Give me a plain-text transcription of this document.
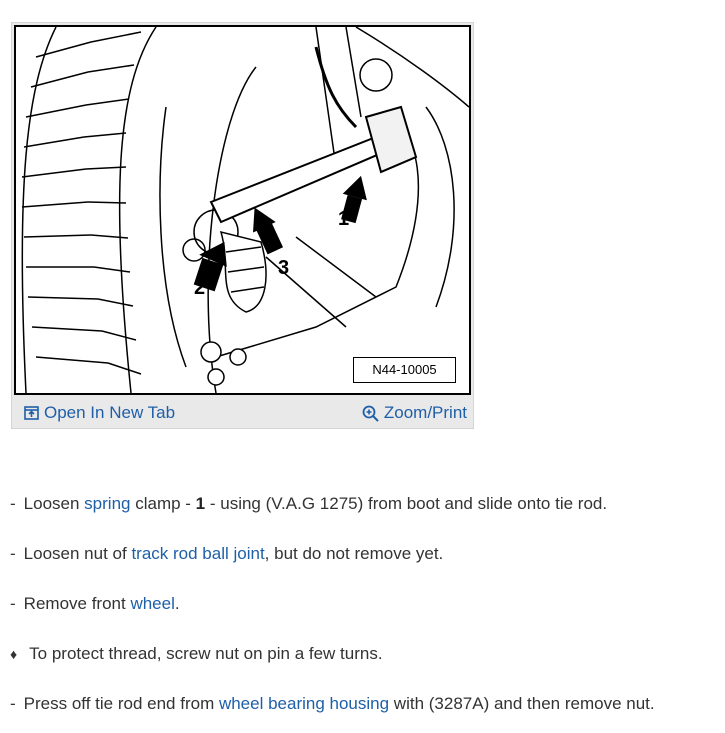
1
2
3
N44-10005
Open In New Tab	Zoom/Print
- Loosen spring clamp - 1 - using (V.A.G 1275) from boot and slide onto tie rod.
- Loosen nut of track rod ball joint, but do not remove yet.
- Remove front wheel.
♦ To protect thread, screw nut on pin a few turns.
- Press off tie rod end from wheel bearing housing with (3287A) and then remove nut.
